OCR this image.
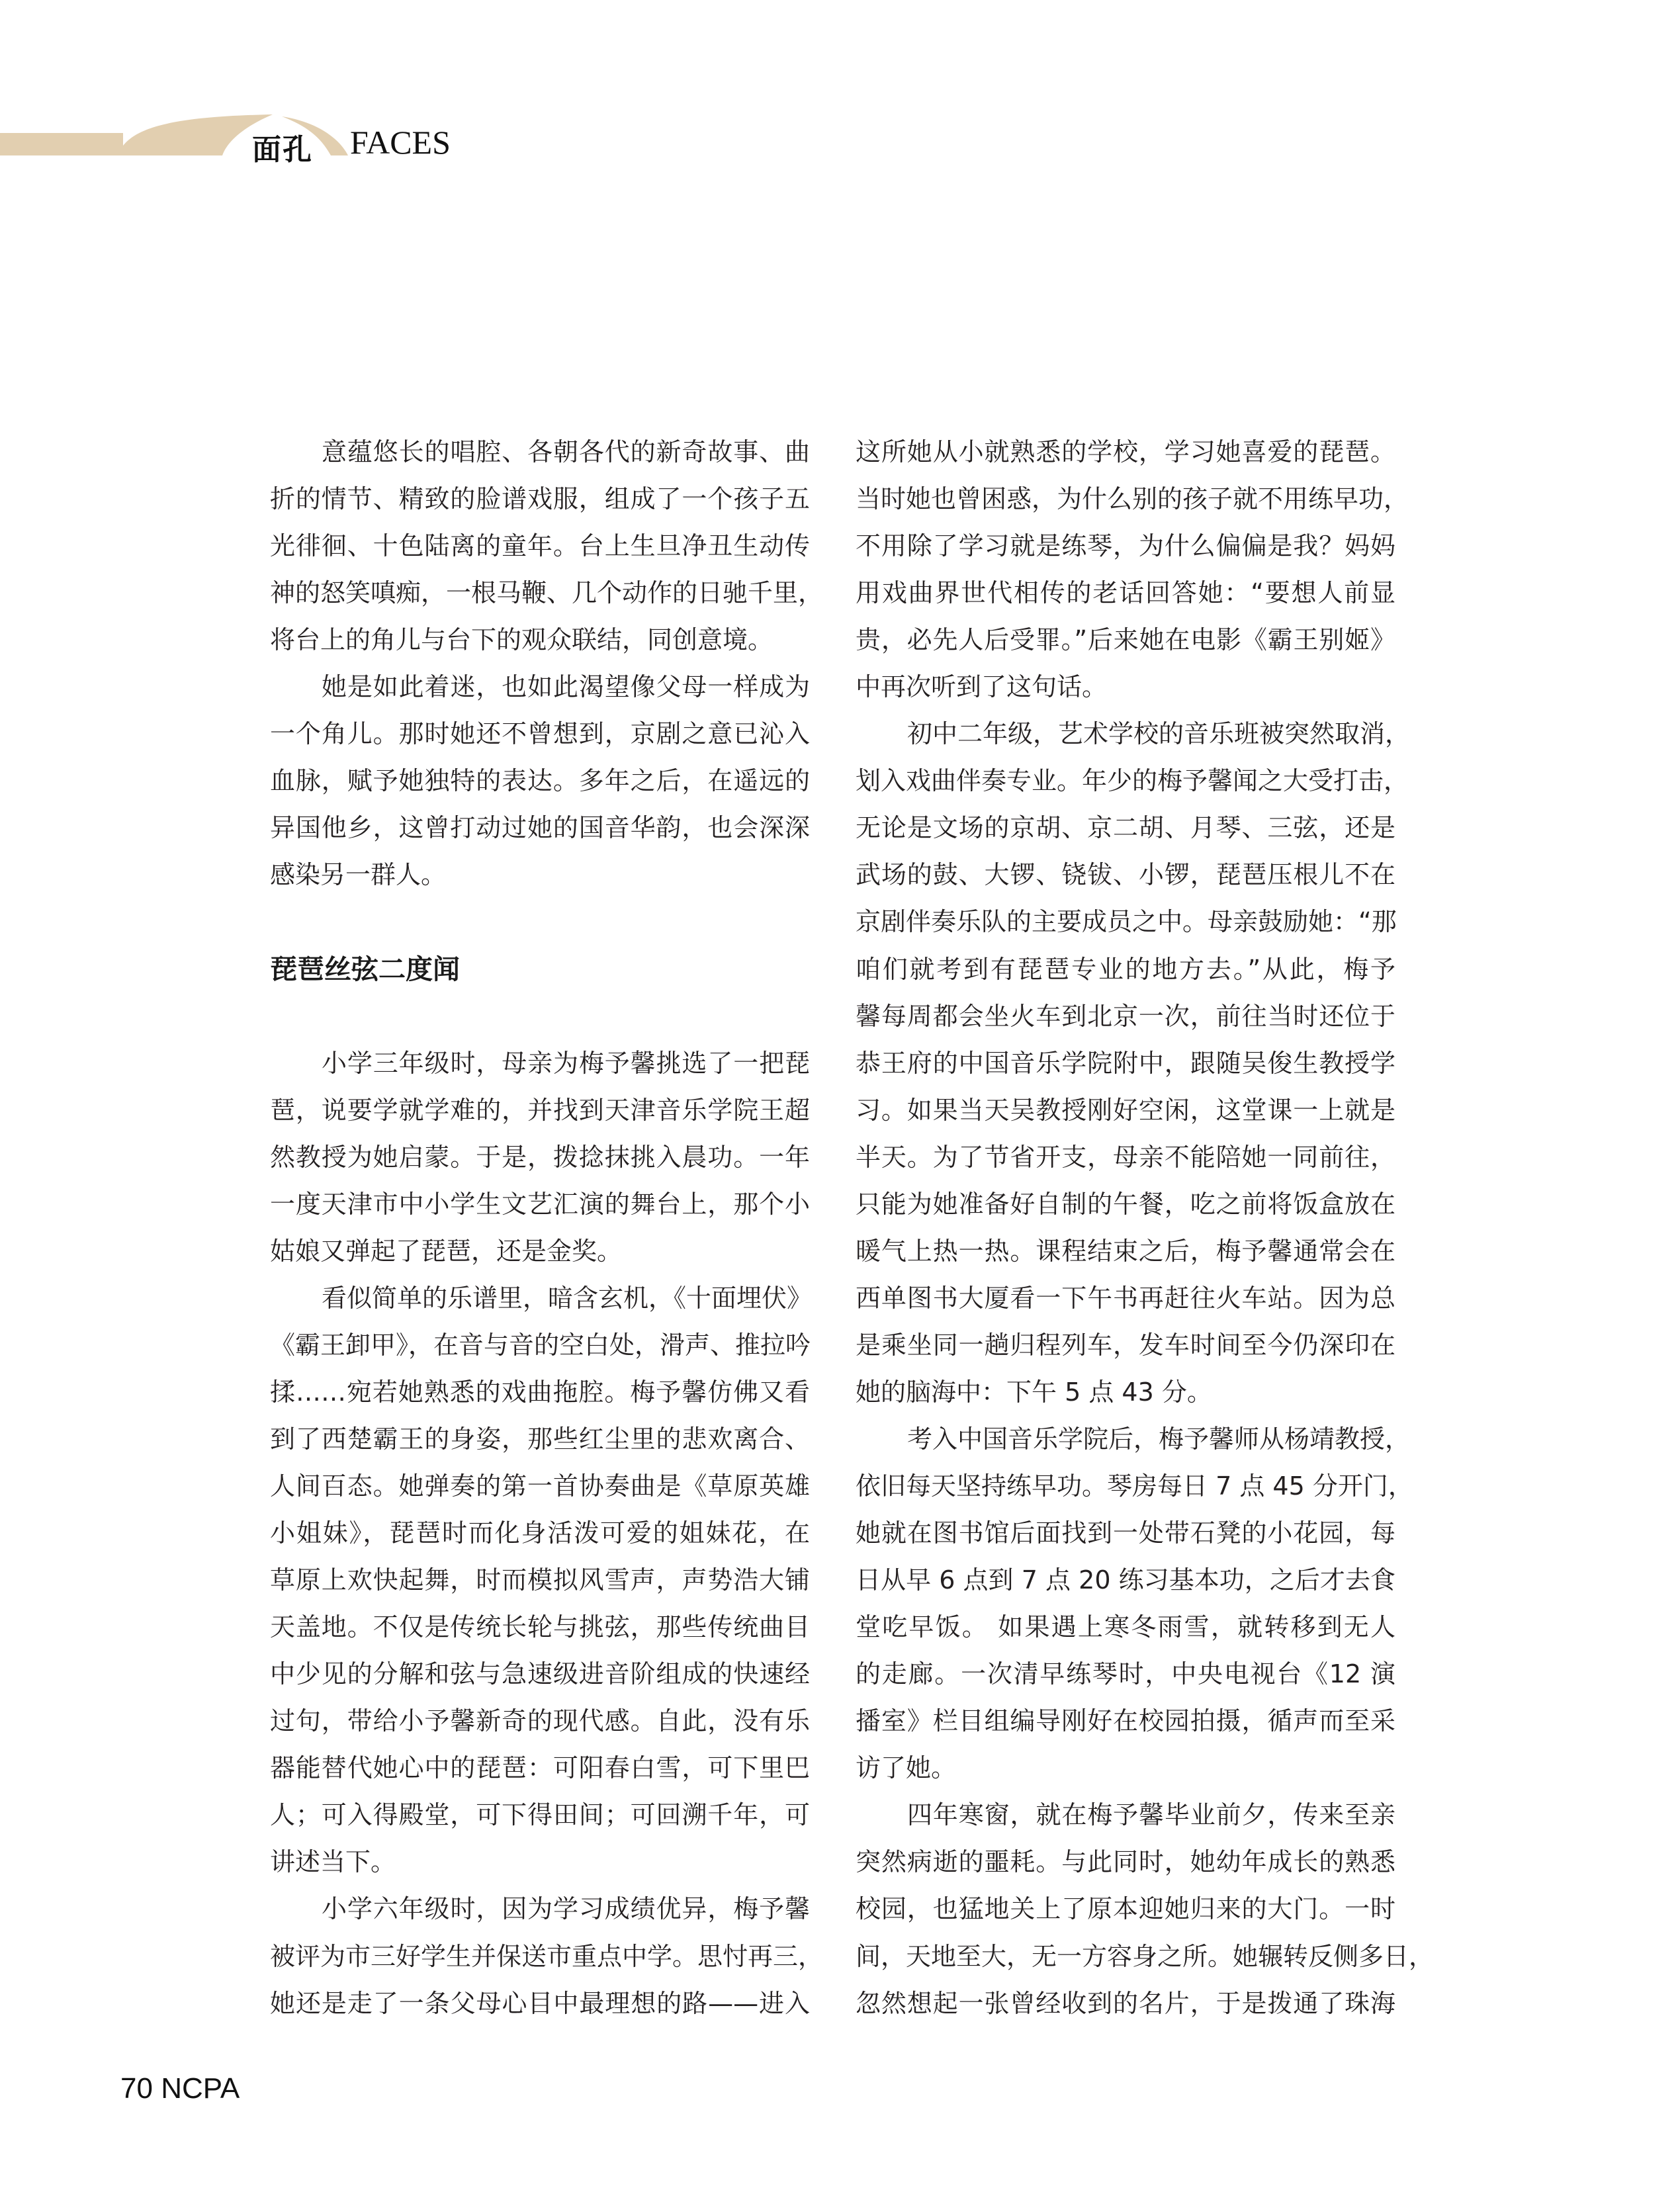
面孔 FACES
意蕴悠长的唱腔、各朝各代的新奇故事、曲
折的情节、精致的脸谱戏服，组成了一个孩子五
光徘徊、十色陆离的童年。台上生旦净丑生动传
神的怒笑嗔痴，一根马鞭、几个动作的日驰千里，
将台上的角儿与台下的观众联结，同创意境。
她是如此着迷，也如此渴望像父母一样成为
一个角儿。那时她还不曾想到，京剧之意已沁入
血脉，赋予她独特的表达。多年之后，在遥远的
异国他乡，这曾打动过她的国音华韵，也会深深
感染另一群人。
琵琶丝弦二度闻
小学三年级时，母亲为梅予馨挑选了一把琵
琶，说要学就学难的，并找到天津音乐学院王超
然教授为她启蒙。于是，拨捻抹挑入晨功。一年
一度天津市中小学生文艺汇演的舞台上，那个小
姑娘又弹起了琵琶，还是金奖。
看似简单的乐谱里，暗含玄机，《十面埋伏》
《霸王卸甲》，在音与音的空白处，滑声、推拉吟
揉……宛若她熟悉的戏曲拖腔。梅予馨仿佛又看
到了西楚霸王的身姿，那些红尘里的悲欢离合、
人间百态。她弹奏的第一首协奏曲是《草原英雄
小姐妹》，琵琶时而化身活泼可爱的姐妹花，在
草原上欢快起舞，时而模拟风雪声，声势浩大铺
天盖地。不仅是传统长轮与挑弦，那些传统曲目
中少见的分解和弦与急速级进音阶组成的快速经
过句，带给小予馨新奇的现代感。自此，没有乐
器能替代她心中的琵琶：可阳春白雪，可下里巴
人；可入得殿堂，可下得田间；可回溯千年，可
讲述当下。
小学六年级时，因为学习成绩优异，梅予馨
被评为市三好学生并保送市重点中学。思忖再三，
她还是走了一条父母心目中最理想的路——进入
这所她从小就熟悉的学校，学习她喜爱的琵琶。
当时她也曾困惑，为什么别的孩子就不用练早功，
不用除了学习就是练琴，为什么偏偏是我？妈妈
用戏曲界世代相传的老话回答她：“要想人前显
贵，必先人后受罪。”后来她在电影《霸王别姬》
中再次听到了这句话。
初中二年级，艺术学校的音乐班被突然取消，
划入戏曲伴奏专业。年少的梅予馨闻之大受打击，
无论是文场的京胡、京二胡、月琴、三弦，还是
武场的鼓、大锣、铙钹、小锣，琵琶压根儿不在
京剧伴奏乐队的主要成员之中。母亲鼓励她：“那
咱们就考到有琵琶专业的地方去。”从此，梅予
馨每周都会坐火车到北京一次，前往当时还位于
恭王府的中国音乐学院附中，跟随吴俊生教授学
习。如果当天吴教授刚好空闲，这堂课一上就是
半天。为了节省开支，母亲不能陪她一同前往，
只能为她准备好自制的午餐，吃之前将饭盒放在
暖气上热一热。课程结束之后，梅予馨通常会在
西单图书大厦看一下午书再赶往火车站。因为总
是乘坐同一趟归程列车，发车时间至今仍深印在
她的脑海中：下午 5 点 43 分。
考入中国音乐学院后，梅予馨师从杨靖教授，
依旧每天坚持练早功。琴房每日 7 点 45 分开门，
她就在图书馆后面找到一处带石凳的小花园，每
日从早 6 点到 7 点 20 练习基本功，之后才去食
堂吃早饭。 如果遇上寒冬雨雪，就转移到无人
的走廊。一次清早练琴时，中央电视台《12 演
播室》栏目组编导刚好在校园拍摄，循声而至采
访了她。
四年寒窗，就在梅予馨毕业前夕，传来至亲
突然病逝的噩耗。与此同时，她幼年成长的熟悉
校园，也猛地关上了原本迎她归来的大门。一时
间，天地至大，无一方容身之所。她辗转反侧多日，
忽然想起一张曾经收到的名片，于是拨通了珠海
70 NCPA
